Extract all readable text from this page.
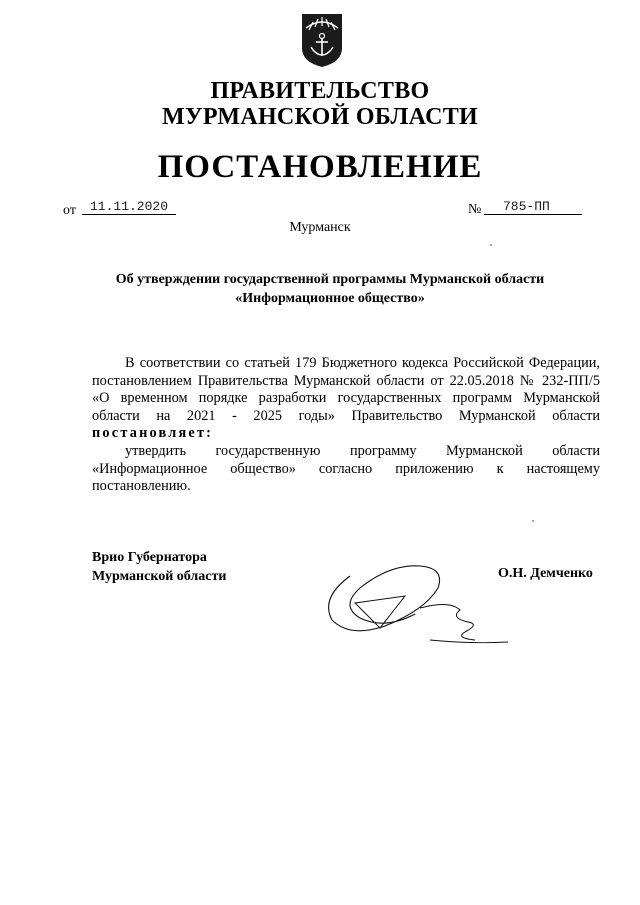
ПРАВИТЕЛЬСТВО
МУРМАНСКОЙ ОБЛАСТИ
ПОСТАНОВЛЕНИЕ
от 11.11.2020	№ 785-ПП
Мурманск
Об утверждении государственной программы Мурманской области
«Информационное общество»

В соответствии со статьей 179 Бюджетного кодекса Российской Федерации, постановлением Правительства Мурманской области от 22.05.2018 № 232-ПП/5 «О временном порядке разработки государственных программ Мурманской области на 2021 - 2025 годы» Правительство Мурманской области постановляет:

утвердить государственную программу Мурманской области «Информационное общество» согласно приложению к настоящему постановлению.

Врио Губернатора
Мурманской области	О.Н. Демченко
